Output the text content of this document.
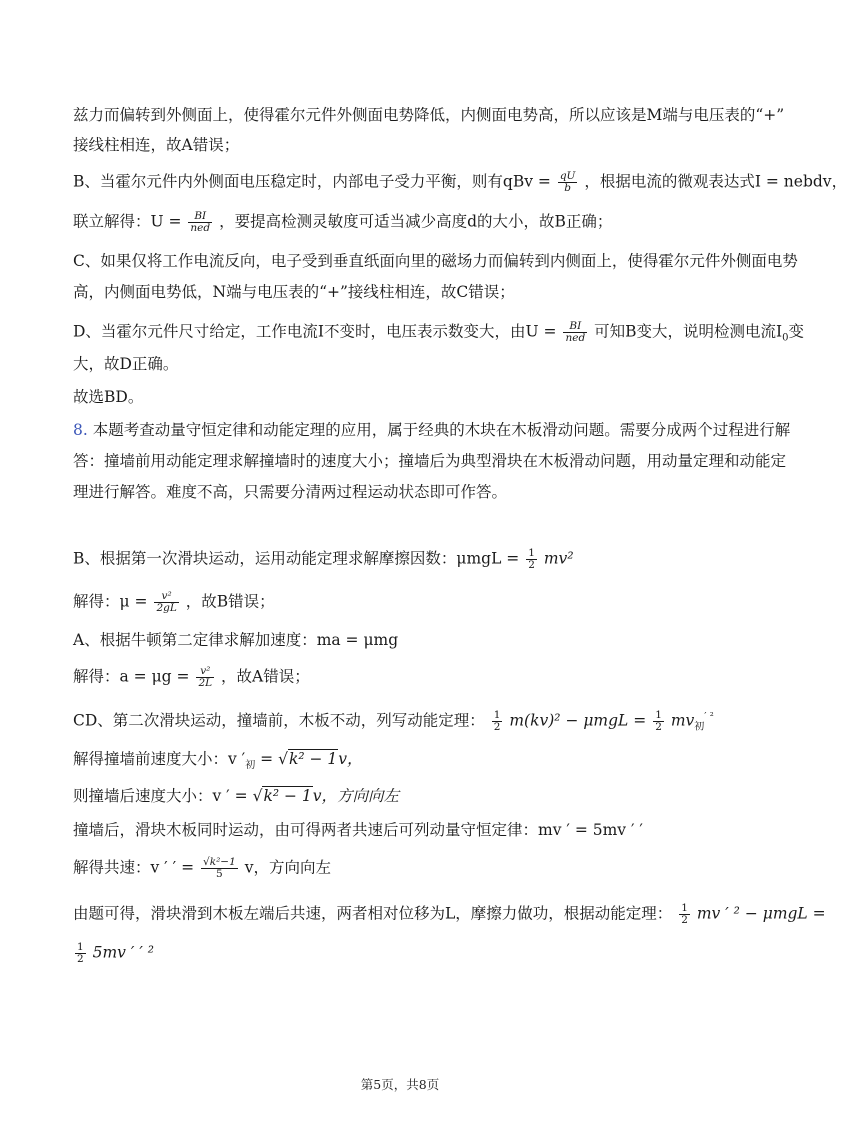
兹力而偏转到外侧面上，使得霍尔元件外侧面电势降低，内侧面电势高，所以应该是M端与电压表的“+”
接线柱相连，故A错误；
B、当霍尔元件内外侧面电压稳定时，内部电子受力平衡，则有qBv = $\frac{qU}{b}$ ，根据电流的微观表达式I = nebdv，
联立解得：$U = \frac{BI}{\text{ned}}$ ，要提高检测灵敏度可适当减少高度d的大小，故B正确；
C、如果仅将工作电流反向，电子受到垂直纸面向里的磁场力而偏转到内侧面上，使得霍尔元件外侧面电势
高，内侧面电势低，N端与电压表的“+”接线柱相连，故C错误；
D、当霍尔元件尺寸给定，工作电流I不变时，电压表示数变大，由$U = \frac{BI}{\text{ned}}$ 可知B变大，说明检测电流$I_0$变
大，故D正确。
故选BD。
8. 本题考查动量守恒定律和动能定理的应用，属于经典的木块在木板滑动问题。需要分成两个过程进行解
答：撞墙前用动能定理求解撞墙时的速度大小；撞墙后为典型滑块在木板滑动问题，用动量定理和动能定
理进行解答。难度不高，只需要分清两过程运动状态即可作答。
B、根据第一次滑块运动，运用动能定理求解摩擦因数：$\mu mgL = \frac{1}{2} mv^2$
解得：$\mu = \frac{\text{v²}}{2gL}$ ，故B错误；
A、根据牛顿第二定律求解加速度：ma = μmg
解得：$a = \mu g = \frac{\text{v²}}{2L}$ ，故A错误；
CD、第二次滑块运动，撞墙前，木板不动，列写动能定理： $\frac{1}{2} m(kv)^2 - \mu mgL = \frac{1}{2} mv_初^{' ^2}$
解得撞墙前速度大小：v $'_初 = √k^2 - 1v$，
则撞墙后速度大小：v ′ = √k² − 1v，方向向左
撞墙后，滑块木板同时运动，由可得两者共速后可列动量守恒定律：mv ′ = 5mv ′ ′
解得共速：v ′ ′ = $\frac{\text{√k²−1}}{5}$ v，方向向左
由题可得，滑块滑到木板左端后共速，两者相对位移为L，摩擦力做功，根据动能定理： $\frac{1}{2}$ mv ′ ² − μmgL =
$\frac{1}{2} 5mv$ ′ ′ ²
第5页，共8页
